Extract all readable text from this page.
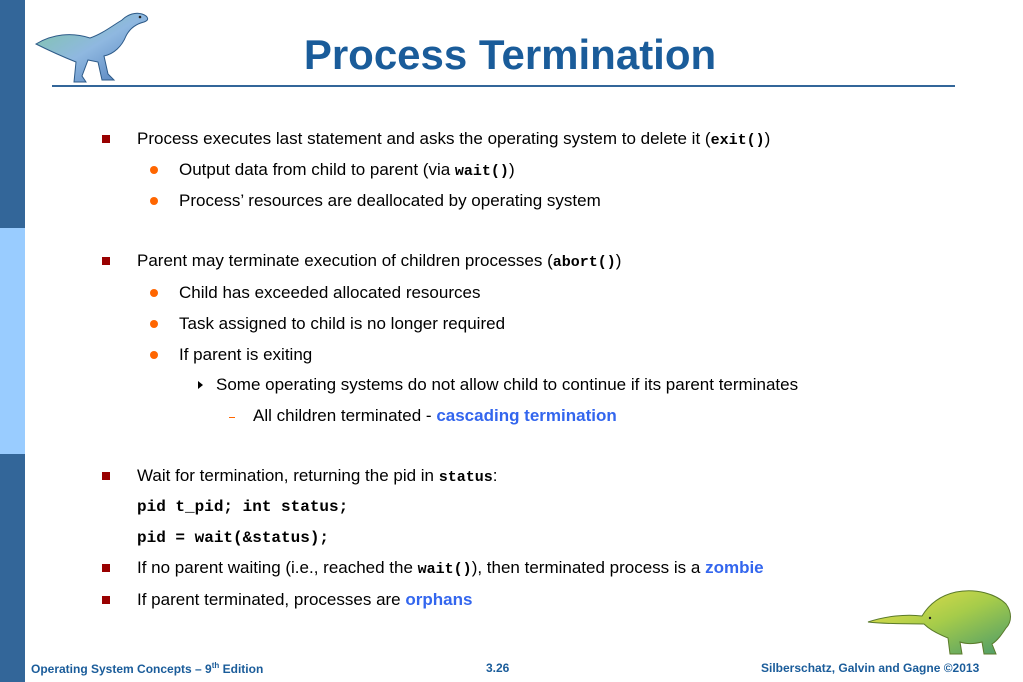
Process Termination
Process executes last statement and asks the operating system to delete it (exit())
Output data from child to parent (via wait())
Process’ resources are deallocated by operating system
Parent may terminate execution of children processes (abort())
Child has exceeded allocated resources
Task assigned to child is no longer required
If parent is exiting
Some operating systems do not allow child to continue if its parent terminates
All children terminated - cascading termination
Wait for termination, returning the pid in status:
pid t_pid; int status;
pid = wait(&status);
If no parent waiting (i.e., reached the wait()), then terminated process is a zombie
If parent terminated, processes are orphans
Operating System Concepts – 9th Edition	3.26	Silberschatz, Galvin and Gagne ©2013
